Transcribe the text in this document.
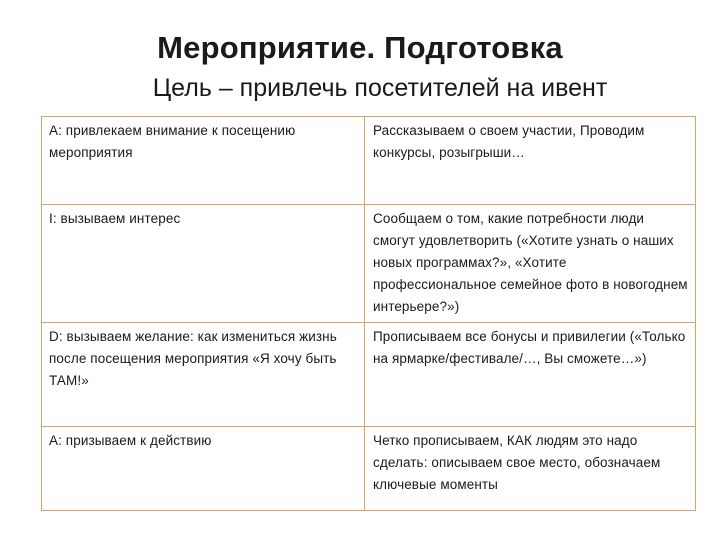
Мероприятие. Подготовка
Цель – привлечь посетителей на ивент
А: привлекаем внимание к посещению мероприятия	Рассказываем о своем участии, Проводим конкурсы, розыгрыши…
I: вызываем интерес	Сообщаем о том, какие потребности люди смогут удовлетворить («Хотите узнать о наших новых программах?», «Хотите профессиональное семейное фото в новогоднем интерьере?»)
D: вызываем желание: как измениться жизнь после посещения мероприятия «Я хочу быть ТАМ!»	Прописываем все бонусы и привилегии («Только на ярмарке/фестивале/…, Вы сможете…»)
А: призываем к действию	Четко прописываем, КАК людям это надо сделать: описываем свое место, обозначаем ключевые моменты
